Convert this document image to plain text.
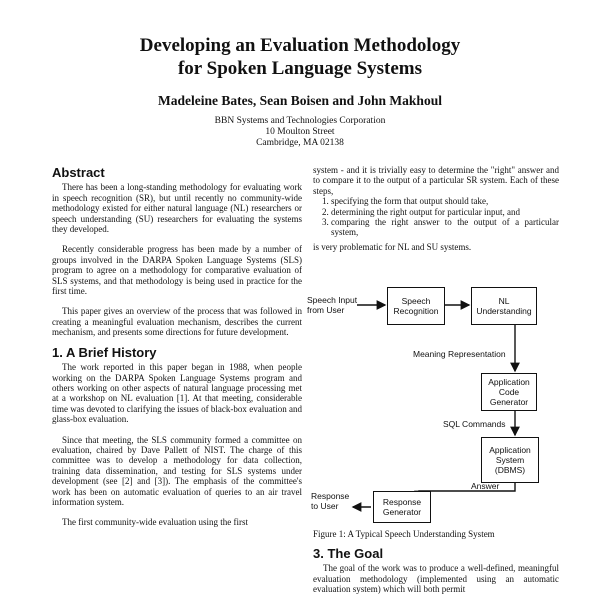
Developing an Evaluation Methodology
for Spoken Language Systems
Madeleine Bates, Sean Boisen and John Makhoul
BBN Systems and Technologies Corporation
10 Moulton Street
Cambridge, MA 02138
Abstract

There has been a long-standing methodology for evaluating work in speech recognition (SR), but until recently no community-wide methodology existed for either natural language (NL) researchers or speech understanding (SU) researchers for evaluating the systems they developed.

Recently considerable progress has been made by a number of groups involved in the DARPA Spoken Language Systems (SLS) program to agree on a methodology for comparative evaluation of SLS systems, and that methodology is being used in practice for the first time.

This paper gives an overview of the process that was followed in creating a meaningful evaluation mechanism, describes the current mechanism, and presents some directions for future development.

1. A Brief History

The work reported in this paper began in 1988, when people working on the DARPA Spoken Language Systems program and others working on other aspects of natural language processing met at a workshop on NL evaluation [1]. At that meeting, considerable time was devoted to clarifying the issues of black-box evaluation and glass-box evaluation.

Since that meeting, the SLS community formed a committee on evaluation, chaired by Dave Pallett of NIST. The charge of this committee was to develop a methodology for data collection, training data dissemination, and testing for SLS systems under development (see [2] and [3]). The emphasis of the committee's work has been on automatic evaluation of queries to an air travel information system.

The first community-wide evaluation using the first

system - and it is trivially easy to determine the "right" answer and to compare it to the output of a particular SR system. Each of these steps,
1. specifying the form that output should take,
2. determining the right output for particular input, and
3. comparing the right answer to the output of a particular system,
is very problematic for NL and SU systems.
Speech Input from User
Speech Recognition
NL Understanding
Meaning Representation
Application Code Generator
SQL Commands
Application System (DBMS)
Answer
Response Generator
Response to User
Figure 1: A Typical Speech Understanding System
3. The Goal

The goal of the work was to produce a well-defined, meaningful evaluation methodology (implemented using an automatic evaluation system) which will both permit
